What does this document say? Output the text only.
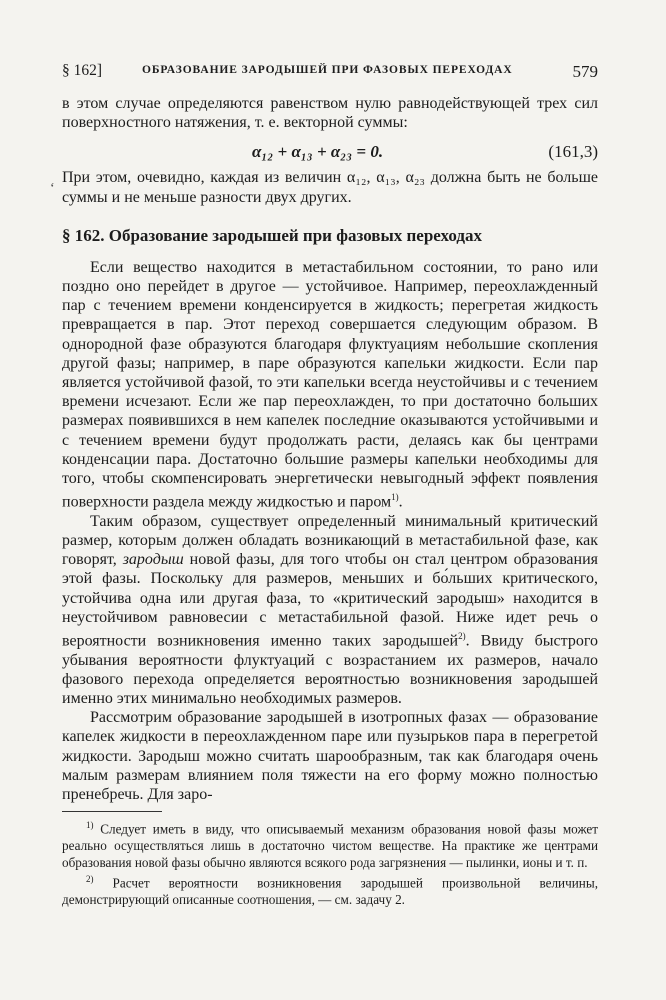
§ 162]	ОБРАЗОВАНИЕ ЗАРОДЫШЕЙ ПРИ ФАЗОВЫХ ПЕРЕХОДАХ	579

в этом случае определяются равенством нулю равнодействующей трех сил поверхностного натяжения, т. е. векторной суммы:

α₁₂ + α₁₃ + α₂₃ = 0.	(161,3)

При этом, очевидно, каждая из величин α₁₂, α₁₃, α₂₃ должна быть не больше суммы и не меньше разности двух других.

§ 162. Образование зародышей при фазовых переходах

Если вещество находится в метастабильном состоянии, то рано или поздно оно перейдет в другое — устойчивое. Например, переохлажденный пар с течением времени конденсируется в жидкость; перегретая жидкость превращается в пар. Этот переход совершается следующим образом. В однородной фазе образуются благодаря флуктуациям небольшие скопления другой фазы; например, в паре образуются капельки жидкости. Если пар является устойчивой фазой, то эти капельки всегда неустойчивы и с течением времени исчезают. Если же пар переохлажден, то при достаточно больших размерах появившихся в нем капелек последние оказываются устойчивыми и с течением времени будут продолжать расти, делаясь как бы центрами конденсации пара. Достаточно большие размеры капельки необходимы для того, чтобы скомпенсировать энергетически невыгодный эффект появления поверхности раздела между жидкостью и паром$^{1)}$.

Таким образом, существует определенный минимальный критический размер, которым должен обладать возникающий в метастабильной фазе, как говорят, зародыш новой фазы, для того чтобы он стал центром образования этой фазы. Поскольку для размеров, меньших и бо́льших критического, устойчива одна или другая фаза, то «критический зародыш» находится в неустойчивом равновесии с метастабильной фазой. Ниже идет речь о вероятности возникновения именно таких зародышей$^{2)}$. Ввиду быстрого убывания вероятности флуктуаций с возрастанием их размеров, начало фазового перехода определяется вероятностью возникновения зародышей именно этих минимально необходимых размеров.

Рассмотрим образование зародышей в изотропных фазах — образование капелек жидкости в переохлажденном паре или пузырьков пара в перегретой жидкости. Зародыш можно считать шарообразным, так как благодаря очень малым размерам влиянием поля тяжести на его форму можно полностью пренебречь. Для заро-

$^{1)}$ Следует иметь в виду, что описываемый механизм образования новой фазы может реально осуществляться лишь в достаточно чистом веществе. На практике же центрами образования новой фазы обычно являются всякого рода загрязнения — пылинки, ионы и т. п.

$^{2)}$ Расчет вероятности возникновения зародышей произвольной величины, демонстрирующий описанные соотношения, — см. задачу 2.

ʻ
